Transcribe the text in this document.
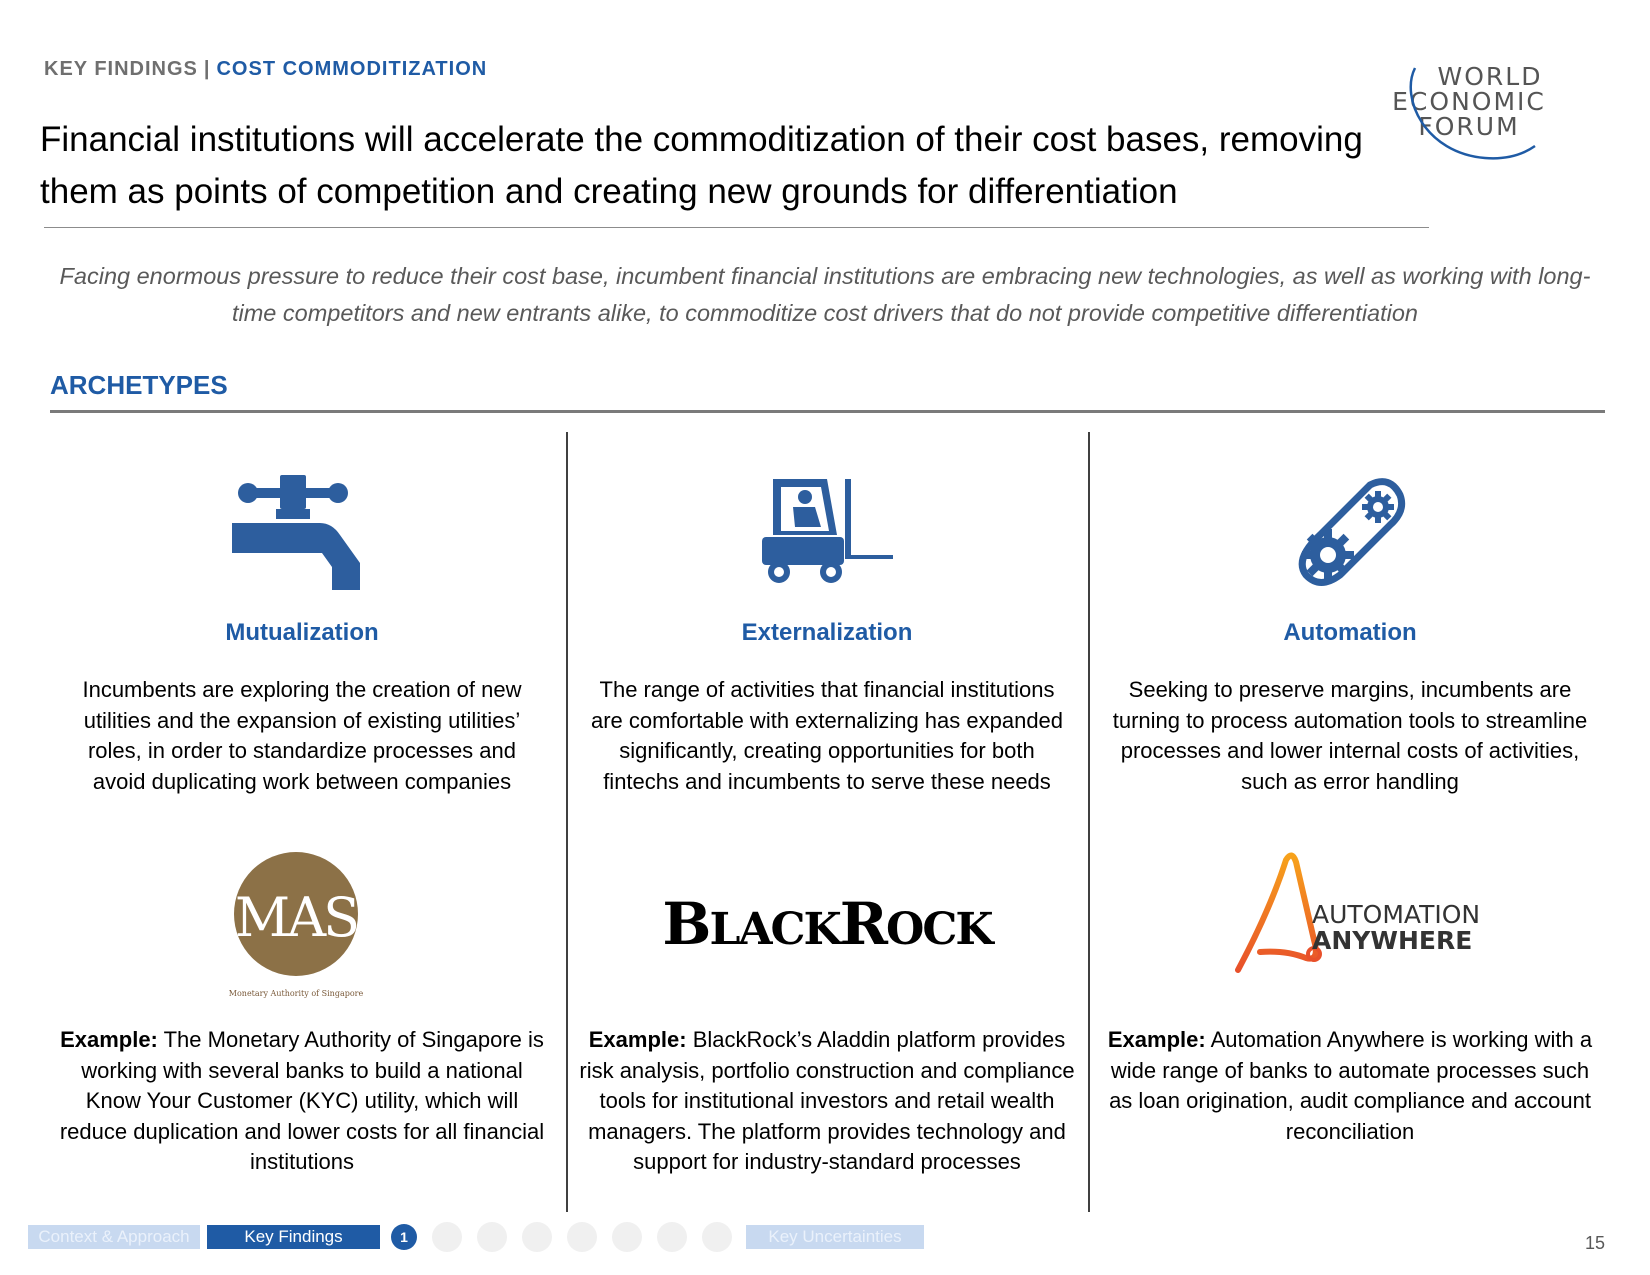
KEY FINDINGS | COST COMMODITIZATION	WORLD
ECONOMIC
FORUM
Financial institutions will accelerate the commoditization of their cost bases, removing them as points of competition and creating new grounds for differentiation
Facing enormous pressure to reduce their cost base, incumbent financial institutions are embracing new technologies, as well as working with long-time competitors and new entrants alike, to commoditize cost drivers that do not provide competitive differentiation
ARCHETYPES
Mutualization
Incumbents are exploring the creation of new utilities and the expansion of existing utilities’ roles, in order to standardize processes and avoid duplicating work between companies
MAS
Monetary Authority of Singapore
Example: The Monetary Authority of Singapore is working with several banks to build a national Know Your Customer (KYC) utility, which will reduce duplication and lower costs for all financial institutions
Externalization
The range of activities that financial institutions are comfortable with externalizing has expanded significantly, creating opportunities for both fintechs and incumbents to serve these needs
BLACKROCK
Example: BlackRock’s Aladdin platform provides risk analysis, portfolio construction and compliance tools for institutional investors and retail wealth managers. The platform provides technology and support for industry-standard processes
Automation
Seeking to preserve margins, incumbents are turning to process automation tools to streamline processes and lower internal costs of activities, such as error handling
AUTOMATION
ANYWHERE
Example: Automation Anywhere is working with a wide range of banks to automate processes such as loan origination, audit compliance and account reconciliation
Context & Approach	Key Findings	1	Key Uncertainties	15
